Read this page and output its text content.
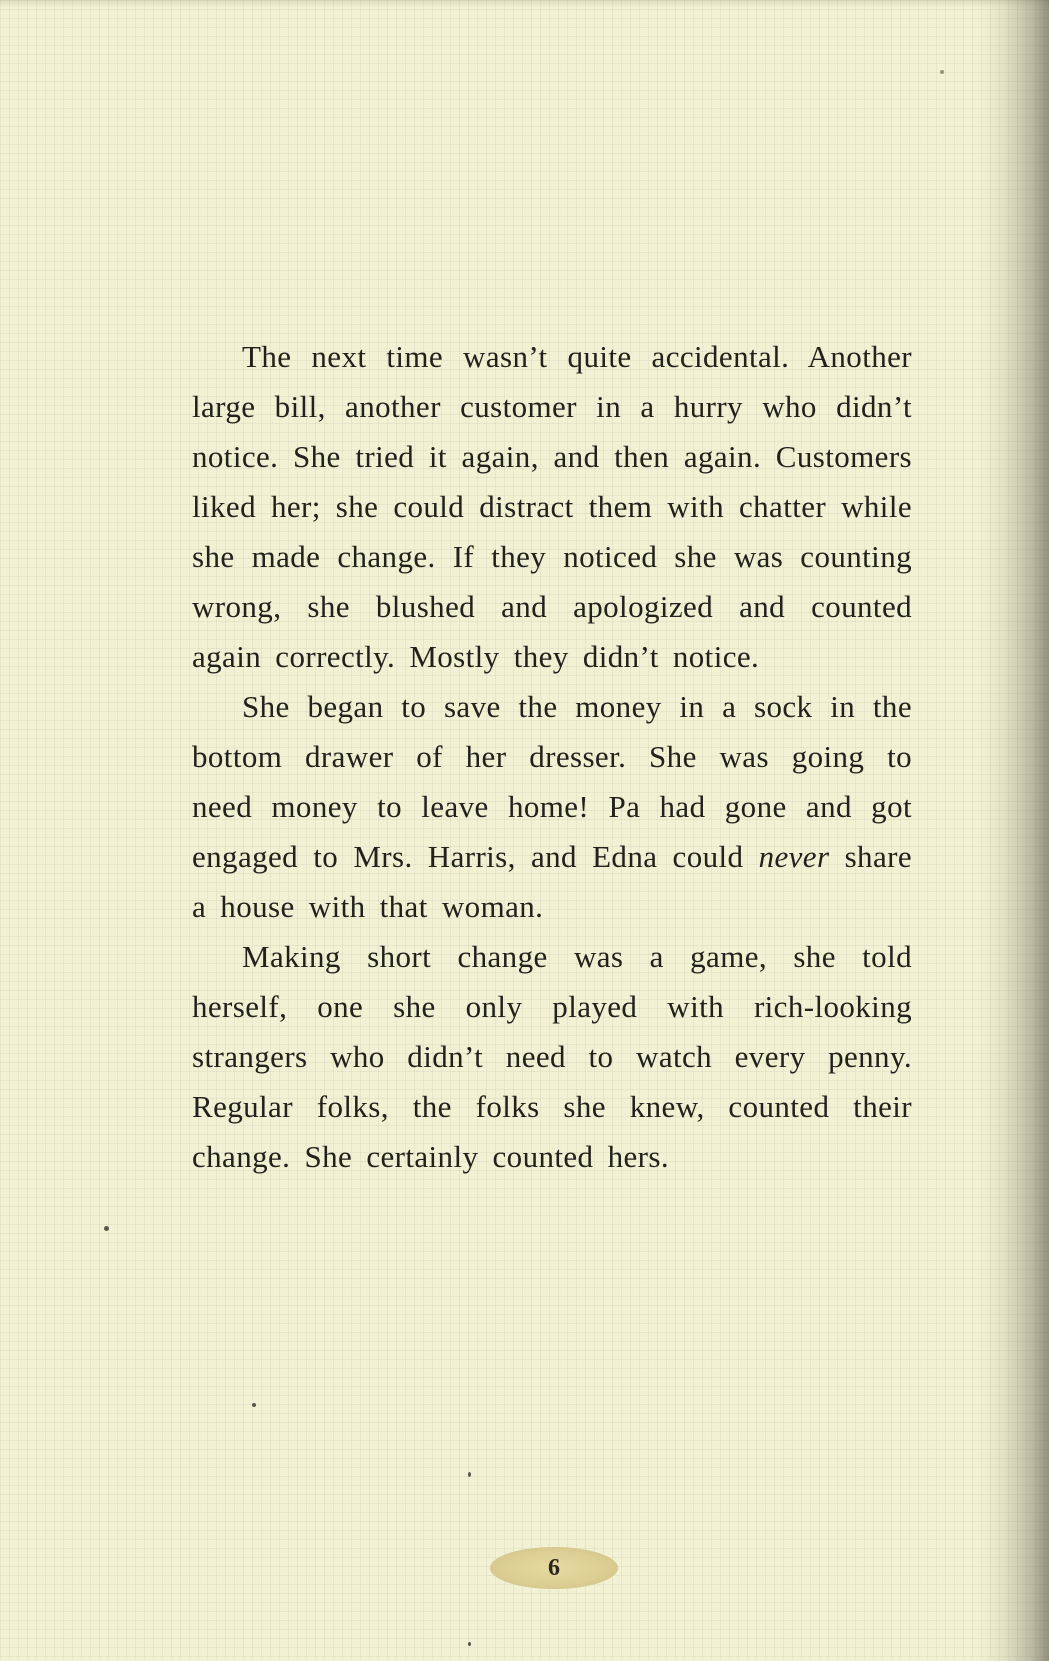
The next time wasn’t quite accidental. Another large bill, another customer in a hurry who didn’t notice. She tried it again, and then again. Customers liked her; she could distract them with chatter while she made change. If they noticed she was counting wrong, she blushed and apologized and counted again correctly. Mostly they didn’t notice.

She began to save the money in a sock in the bottom drawer of her dresser. She was going to need money to leave home! Pa had gone and got engaged to Mrs. Harris, and Edna could never share a house with that woman.

Making short change was a game, she told herself, one she only played with rich-looking strangers who didn’t need to watch every penny. Regular folks, the folks she knew, counted their change. She certainly counted hers.

6
